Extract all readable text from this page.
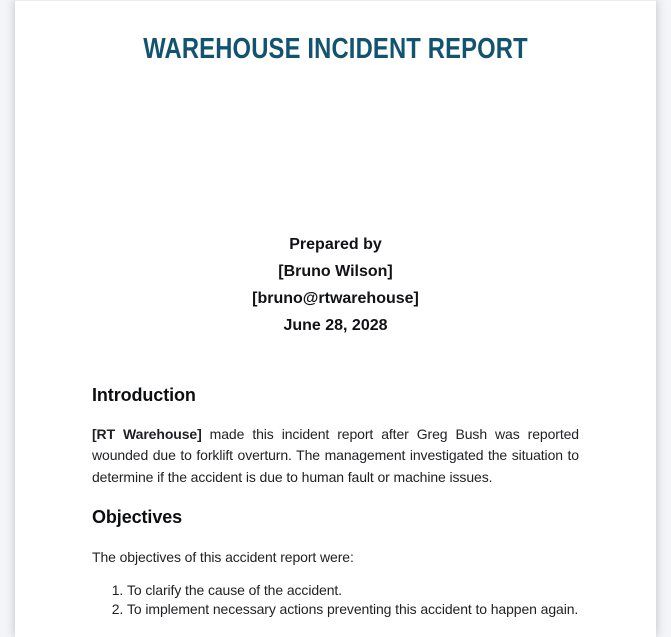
WAREHOUSE INCIDENT REPORT

Prepared by

[Bruno Wilson]

[bruno@rtwarehouse]

June 28, 2028

Introduction

[RT Warehouse] made this incident report after Greg Bush was reported wounded due to forklift overturn. The management investigated the situation to determine if the accident is due to human fault or machine issues.

Objectives

The objectives of this accident report were:

1. To clarify the cause of the accident.
2. To implement necessary actions preventing this accident to happen again.
